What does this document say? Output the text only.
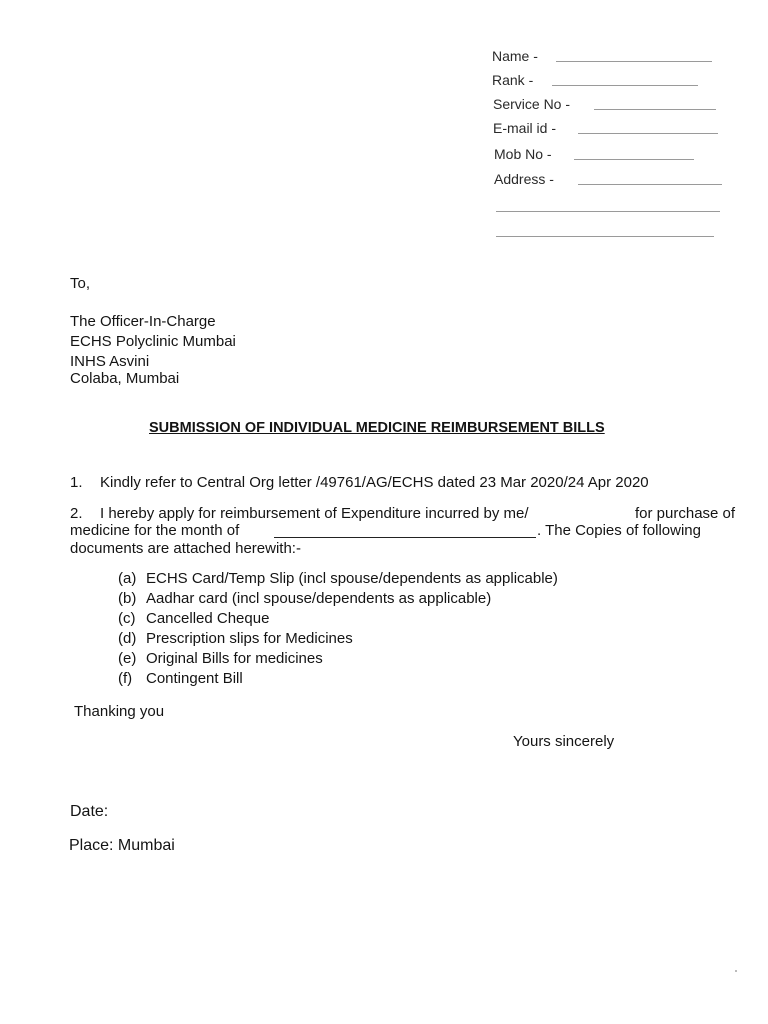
Name -
Rank -
Service No -
E-mail id -
Mob No -
Address -
To,
The Officer-In-Charge
ECHS Polyclinic Mumbai
INHS Asvini
Colaba, Mumbai
SUBMISSION OF INDIVIDUAL MEDICINE REIMBURSEMENT BILLS
1. Kindly refer to Central Org letter /49761/AG/ECHS dated 23 Mar 2020/24 Apr 2020
2. I hereby apply for reimbursement of Expenditure incurred by me/	for purchase of
medicine for the month of	. The Copies of following
documents are attached herewith:-
(a) ECHS Card/Temp Slip (incl spouse/dependents as applicable)
(b) Aadhar card (incl spouse/dependents as applicable)
(c) Cancelled Cheque
(d) Prescription slips for Medicines
(e) Original Bills for medicines
(f) Contingent Bill
Thanking you
Yours sincerely
Date:
Place: Mumbai
